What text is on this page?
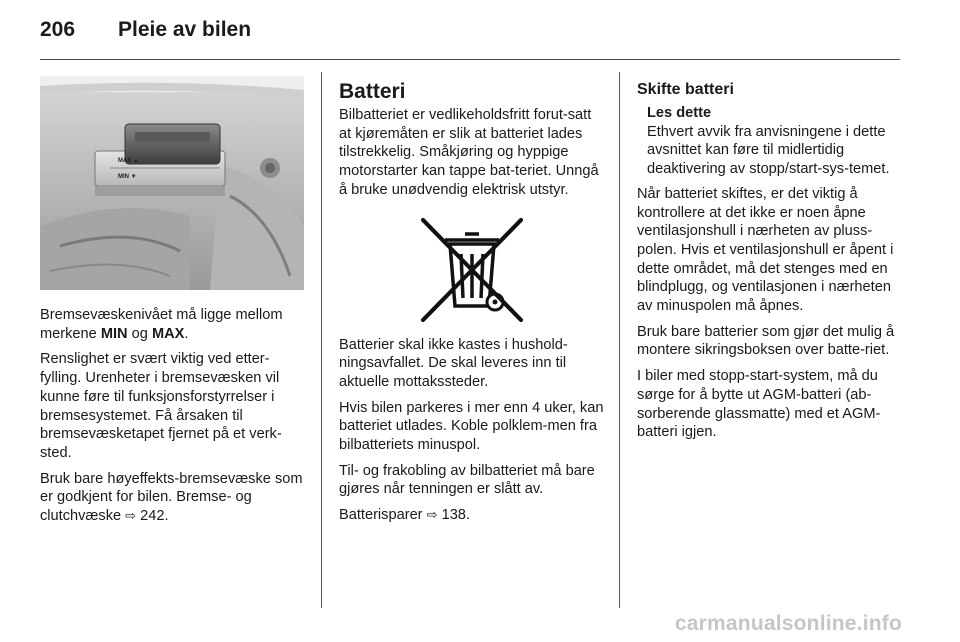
206	Pleie av bilen
MAX ▲
MIN ▼

Bremsevæskenivået må ligge mellom merkene MIN og MAX.

Renslighet er svært viktig ved etter-fylling. Urenheter i bremsevæsken vil kunne føre til funksjonsforstyrrelser i bremsesystemet. Få årsaken til bremsevæsketapet fjernet på et verk-sted.

Bruk bare høyeffekts-bremsevæske som er godkjent for bilen. Bremse- og clutchvæske ⇨ 242.

Batteri

Bilbatteriet er vedlikeholdsfritt forut-satt at kjøremåten er slik at batteriet lades tilstrekkelig. Småkjøring og hyppige motorstarter kan tappe bat-teriet. Unngå å bruke unødvendig elektrisk utstyr.

Batterier skal ikke kastes i hushold-ningsavfallet. De skal leveres inn til aktuelle mottakssteder.

Hvis bilen parkeres i mer enn 4 uker, kan batteriet utlades. Koble polklem-men fra bilbatteriets minuspol.

Til- og frakobling av bilbatteriet må bare gjøres når tenningen er slått av.

Batterisparer ⇨ 138.

Skifte batteri
Les dette
Ethvert avvik fra anvisningene i dette avsnittet kan føre til midlertidig deaktivering av stopp/start-sys-temet.

Når batteriet skiftes, er det viktig å kontrollere at det ikke er noen åpne ventilasjonshull i nærheten av pluss-polen. Hvis et ventilasjonshull er åpent i dette området, må det stenges med en blindplugg, og ventilasjonen i nærheten av minuspolen må åpnes.

Bruk bare batterier som gjør det mulig å montere sikringsboksen over batte-riet.

I biler med stopp-start-system, må du sørge for å bytte ut AGM-batteri (ab-sorberende glassmatte) med et AGM-batteri igjen.

carmanualsonline.info
